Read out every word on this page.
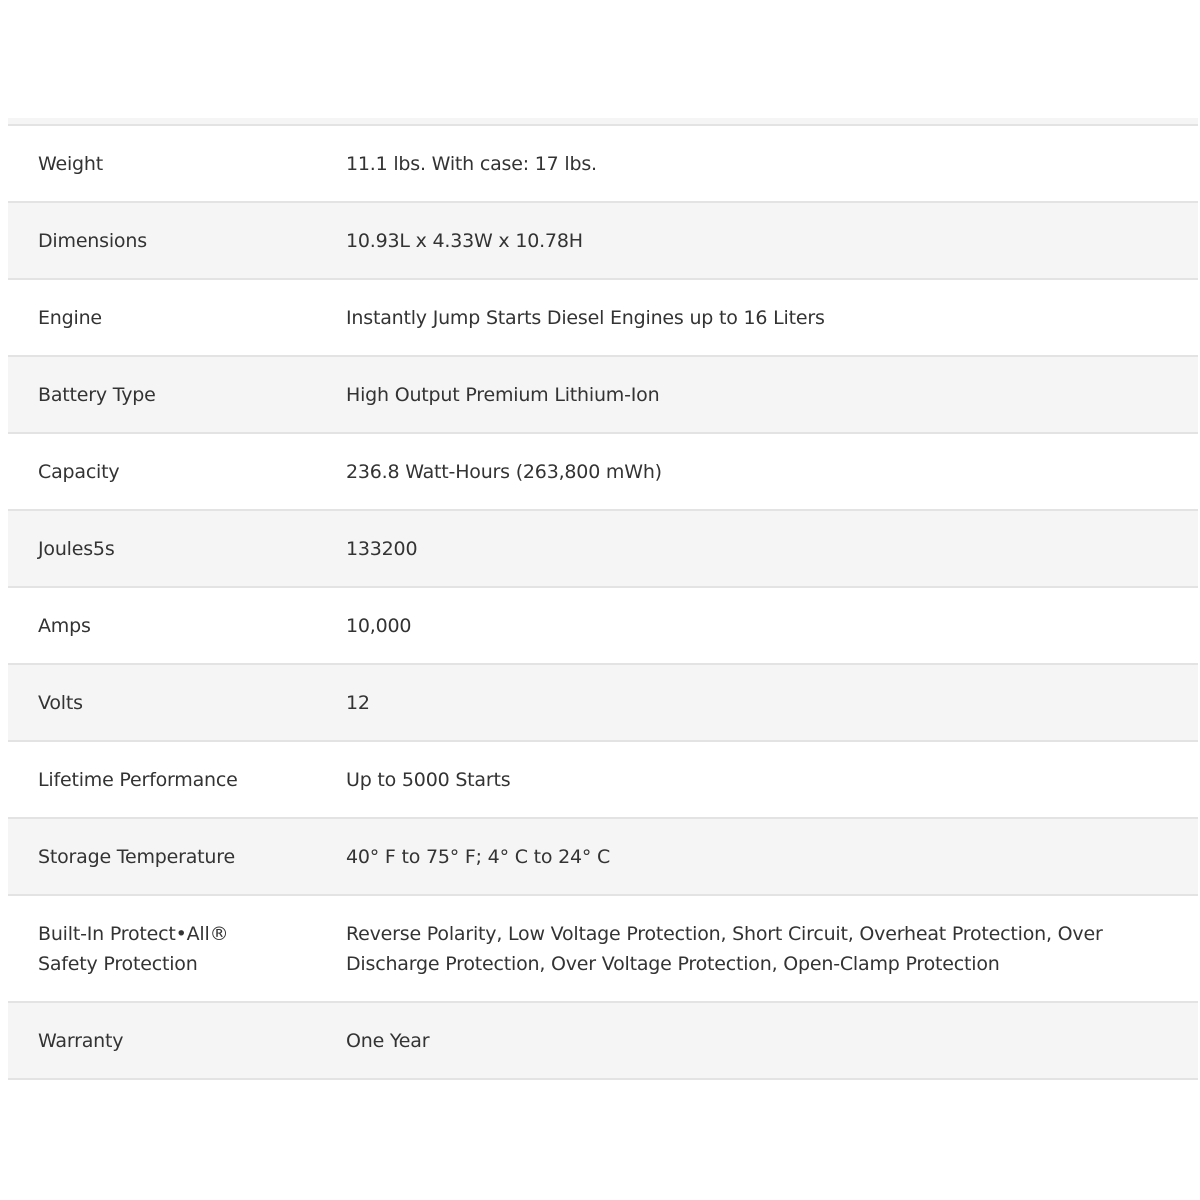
Weight	11.1 lbs. With case: 17 lbs.
Dimensions	10.93L x 4.33W x 10.78H
Engine	Instantly Jump Starts Diesel Engines up to 16 Liters
Battery Type	High Output Premium Lithium-Ion
Capacity	236.8 Watt-Hours (263,800 mWh)
Joules5s	133200
Amps	10,000
Volts	12
Lifetime Performance	Up to 5000 Starts
Storage Temperature	40° F to 75° F; 4° C to 24° C
Built-In Protect•All® Safety Protection	Reverse Polarity, Low Voltage Protection, Short Circuit, Overheat Protection, Over Discharge Protection, Over Voltage Protection, Open-Clamp Protection
Warranty	One Year
